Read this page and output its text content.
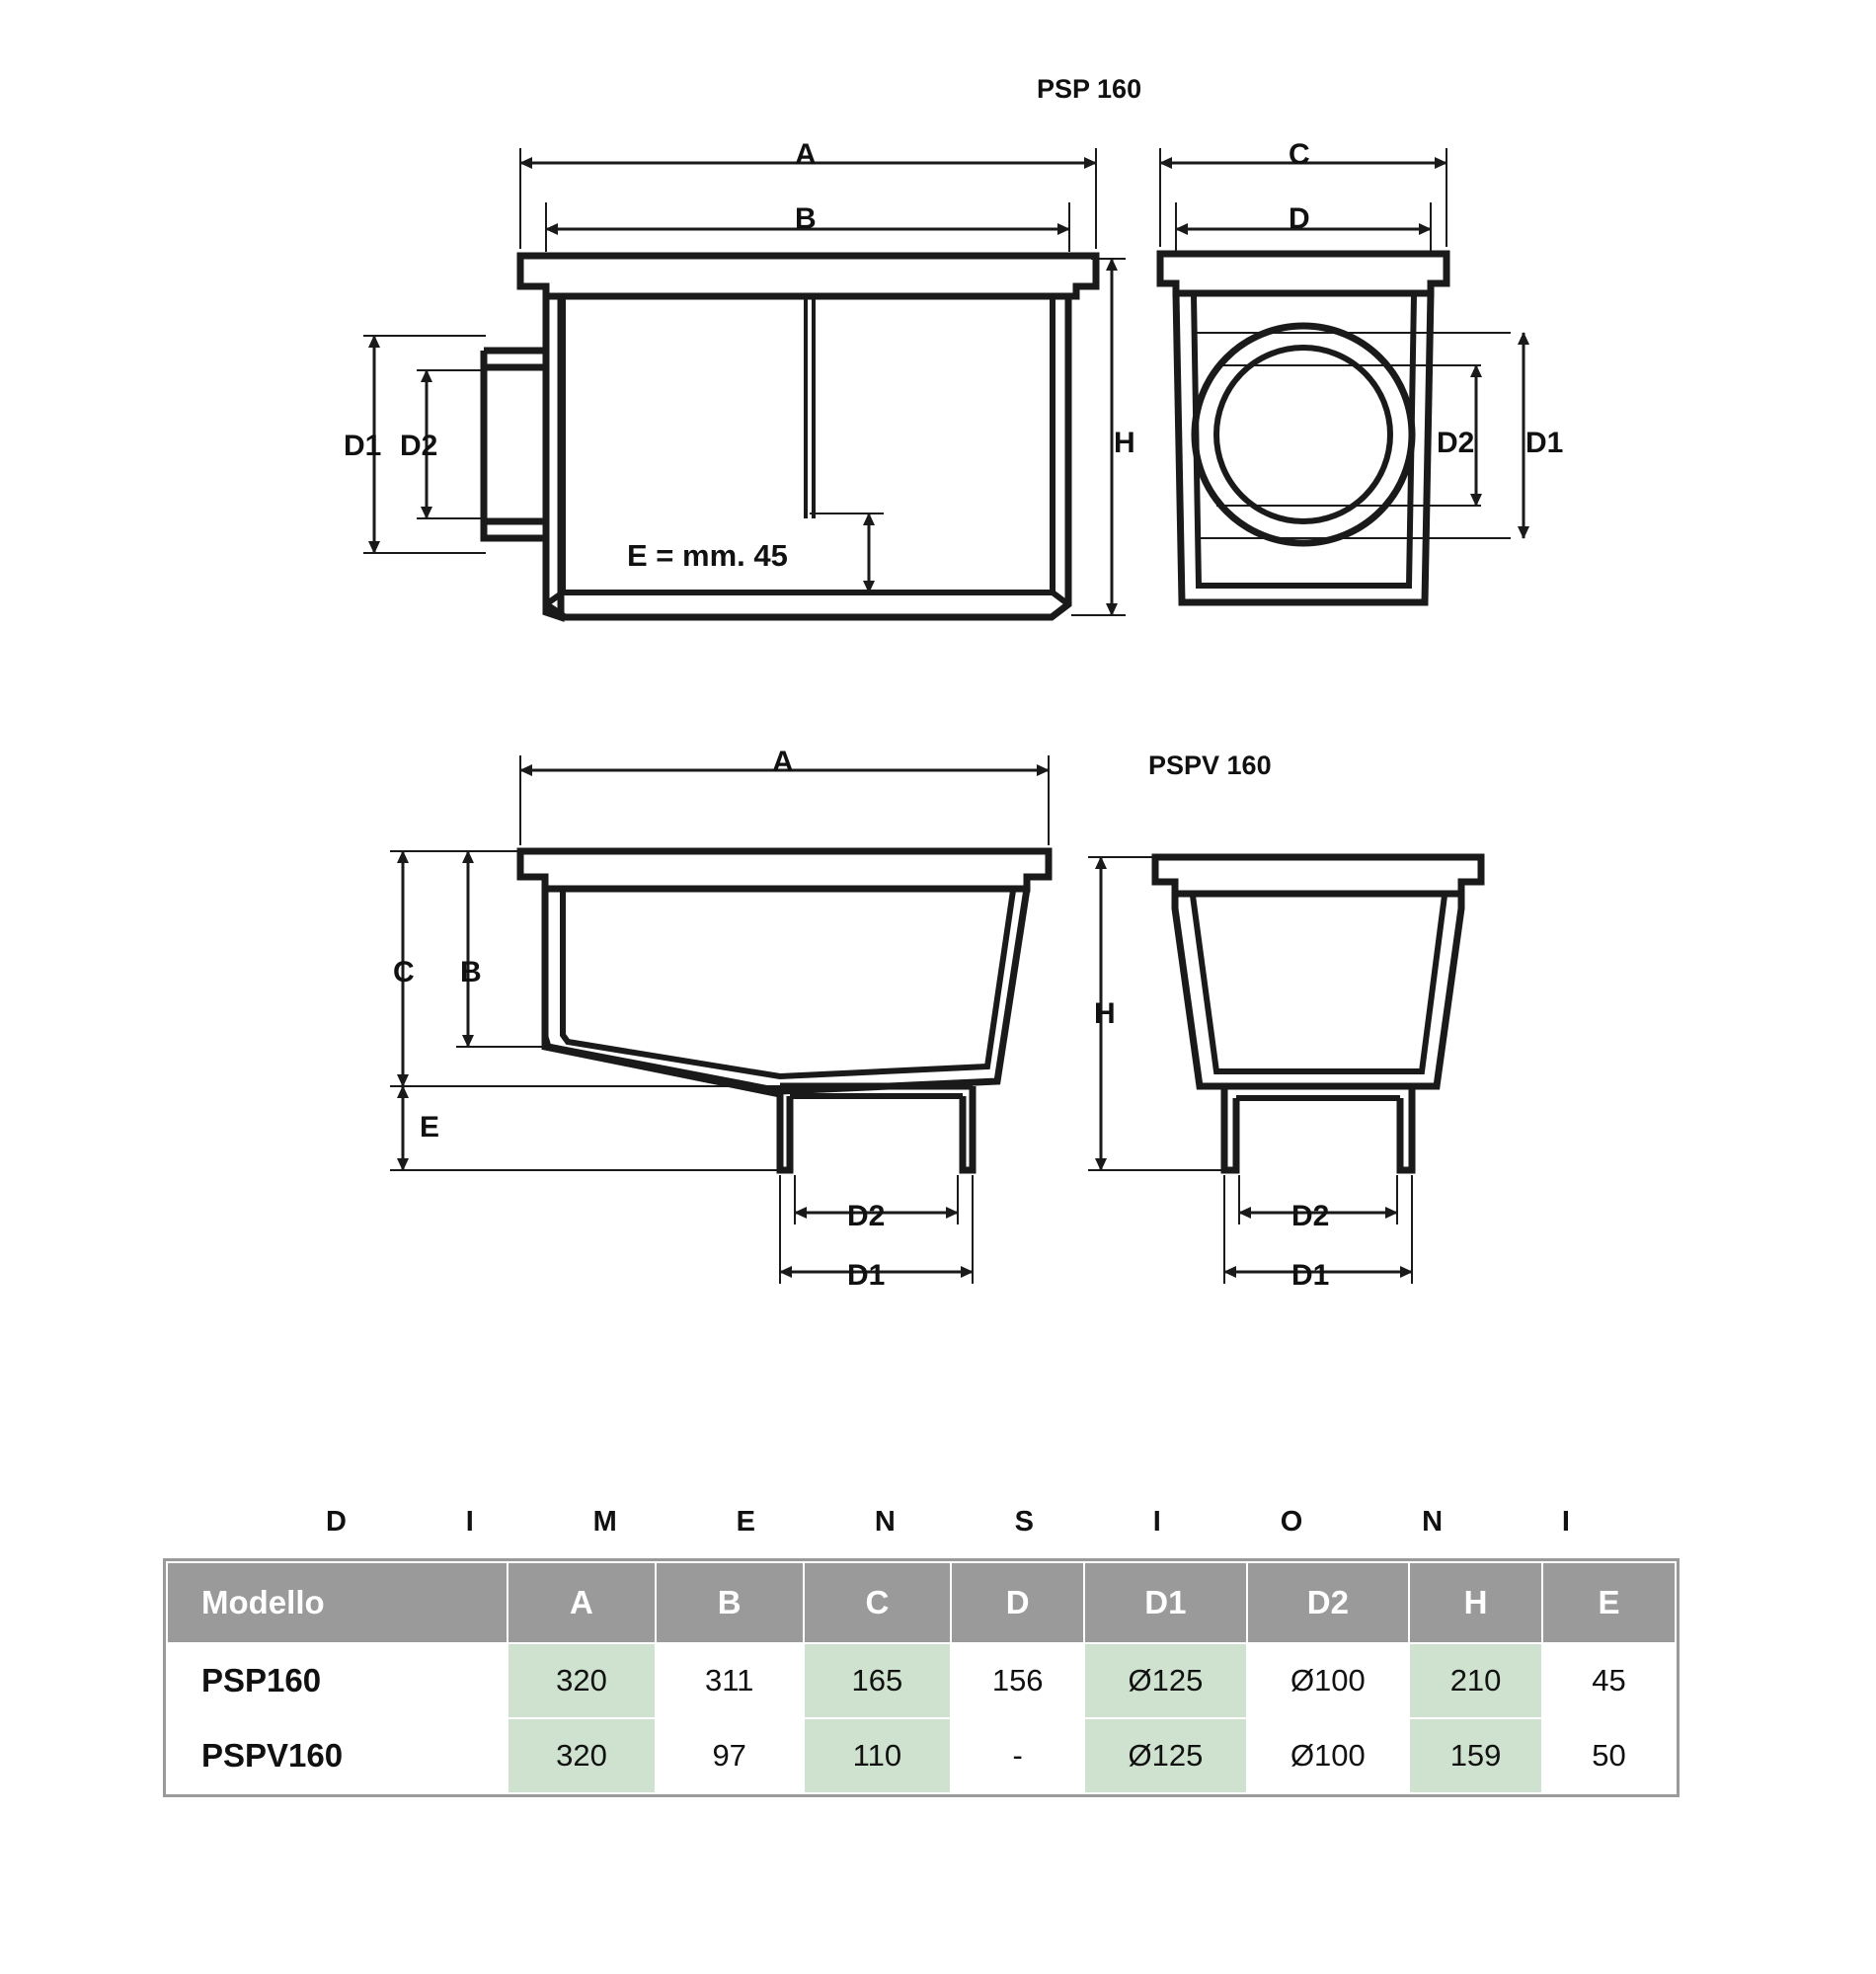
PSP 160
PSPV 160
A
B
H
D1 D2
E = mm. 45
C
D
D2 D1
A
C B
E
D2
D1
H
D2
D1
D	I	M	E	N	S	I	O	N	I
Modello	A	B	C	D	D1	D2	H	E
PSP160	320	311	165	156	Ø125	Ø100	210	45
PSPV160	320	97	110	-	Ø125	Ø100	159	50
